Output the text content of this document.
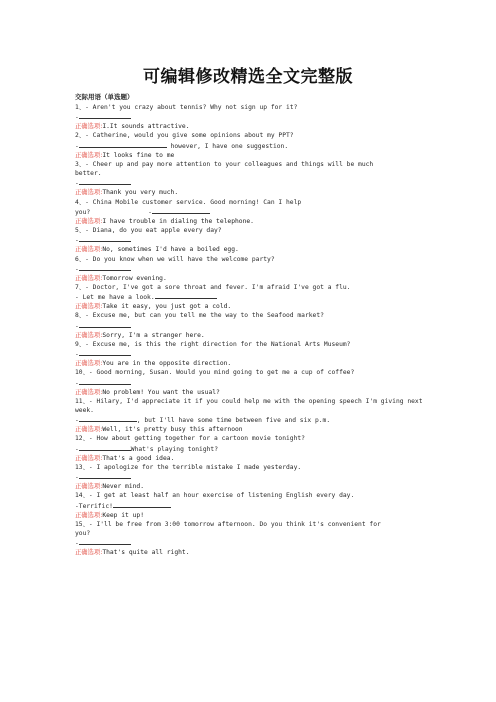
可编辑修改精选全文完整版
交际用语（单选题）
1、- Aren't you crazy about tennis? Why not sign up for it?
-
正确选项:I.It sounds attractive.
2、- Catherine, would you give some opinions about my PPT?
-	however, I have one suggestion.
正确选项:It looks fine to me
3、- Cheer up and pay more attention to your colleagues and things will be much
better.
-
正确选项:Thank you very much.
4、- China Mobile customer service. Good morning! Can I help
you?	-
正确选项:I have trouble in dialing the telephone.
5、- Diana, do you eat apple every day?
-
正确选项:No, sometimes I'd have a boiled egg.
6、- Do you know when we will have the welcome party?
-
正确选项:Tomorrow evening.
7、- Doctor, I've got a sore throat and fever. I'm afraid I've got a flu.
- Let me have a look.
正确选项:Take it easy, you just got a cold.
8、- Excuse me, but can you tell me the way to the Seafood market?
-
正确选项:Sorry, I'm a stranger here.
9、- Excuse me, is this the right direction for the National Arts Museum?
-
正确选项:You are in the opposite direction.
10、- Good morning, Susan. Would you mind going to get me a cup of coffee?
-
正确选项:No problem! You want the usual?
11、- Hilary, I'd appreciate it if you could help me with the opening speech I'm giving next
week.
-	, but I'll have some time between five and six p.m.
正确选项:Well, it's pretty busy this afternoon
12、- How about getting together for a cartoon movie tonight?
-	What's playing tonight?
正确选项:That's a good idea.
13、- I apologize for the terrible mistake I made yesterday.
-
正确选项:Never mind.
14、- I get at least half an hour exercise of listening English every day.
-Terrific!
正确选项:Keep it up!
15、- I'll be free from 3:00 tomorrow afternoon. Do you think it's convenient for
you?
-
正确选项:That's quite all right.
